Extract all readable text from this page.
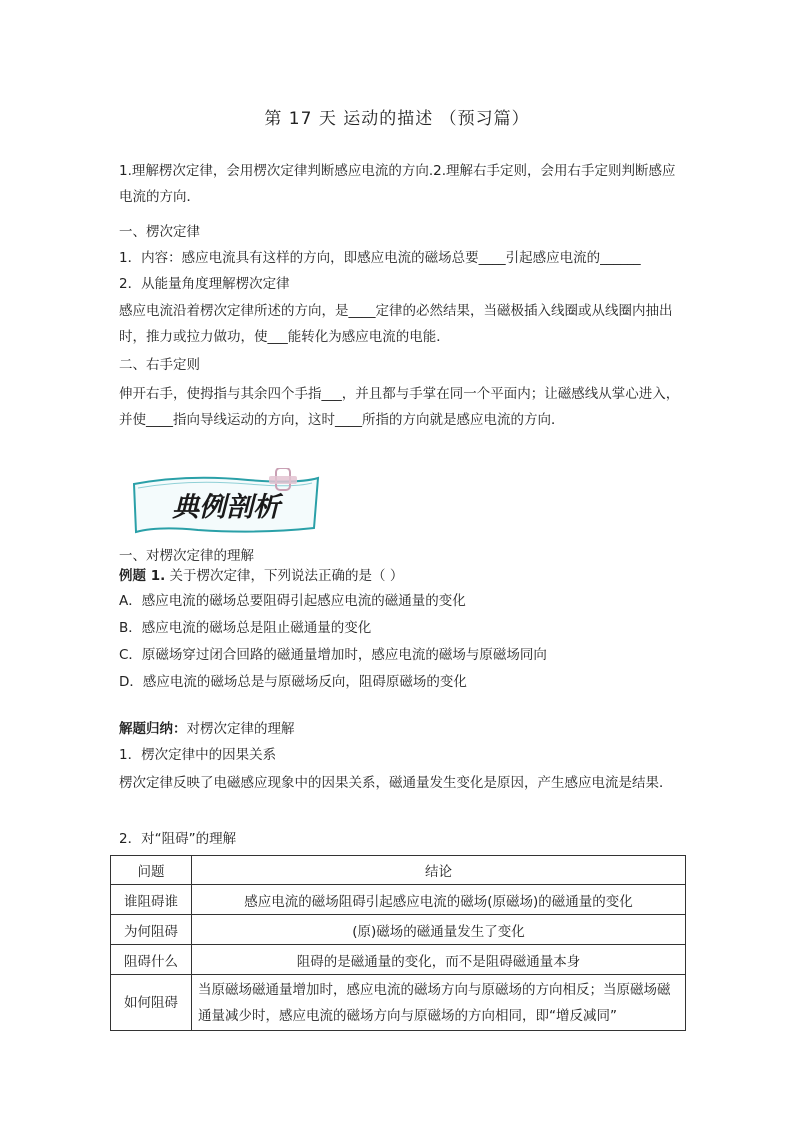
第 17 天 运动的描述 （预习篇）
1.理解楞次定律，会用楞次定律判断感应电流的方向.2.理解右手定则，会用右手定则判断感应电流的方向．
一、楞次定律
1．内容：感应电流具有这样的方向，即感应电流的磁场总要____引起感应电流的______
2．从能量角度理解楞次定律
感应电流沿着楞次定律所述的方向，是____定律的必然结果，当磁极插入线圈或从线圈内抽出时，推力或拉力做功，使___能转化为感应电流的电能．
二、右手定则
伸开右手，使拇指与其余四个手指___，并且都与手掌在同一个平面内；让磁感线从掌心进入，并使____指向导线运动的方向，这时____所指的方向就是感应电流的方向．
典例剖析
一、对楞次定律的理解
例题 1. 关于楞次定律，下列说法正确的是（ ）
A．感应电流的磁场总要阻碍引起感应电流的磁通量的变化
B．感应电流的磁场总是阻止磁通量的变化
C．原磁场穿过闭合回路的磁通量增加时，感应电流的磁场与原磁场同向
D．感应电流的磁场总是与原磁场反向，阻碍原磁场的变化
解题归纳：对楞次定律的理解
1．楞次定律中的因果关系
楞次定律反映了电磁感应现象中的因果关系，磁通量发生变化是原因，产生感应电流是结果．
2．对“阻碍”的理解
问题	结论
谁阻碍谁	感应电流的磁场阻碍引起感应电流的磁场(原磁场)的磁通量的变化
为何阻碍	(原)磁场的磁通量发生了变化
阻碍什么	阻碍的是磁通量的变化，而不是阻碍磁通量本身
如何阻碍	当原磁场磁通量增加时，感应电流的磁场方向与原磁场的方向相反；当原磁场磁通量减少时，感应电流的磁场方向与原磁场的方向相同，即“增反减同”
